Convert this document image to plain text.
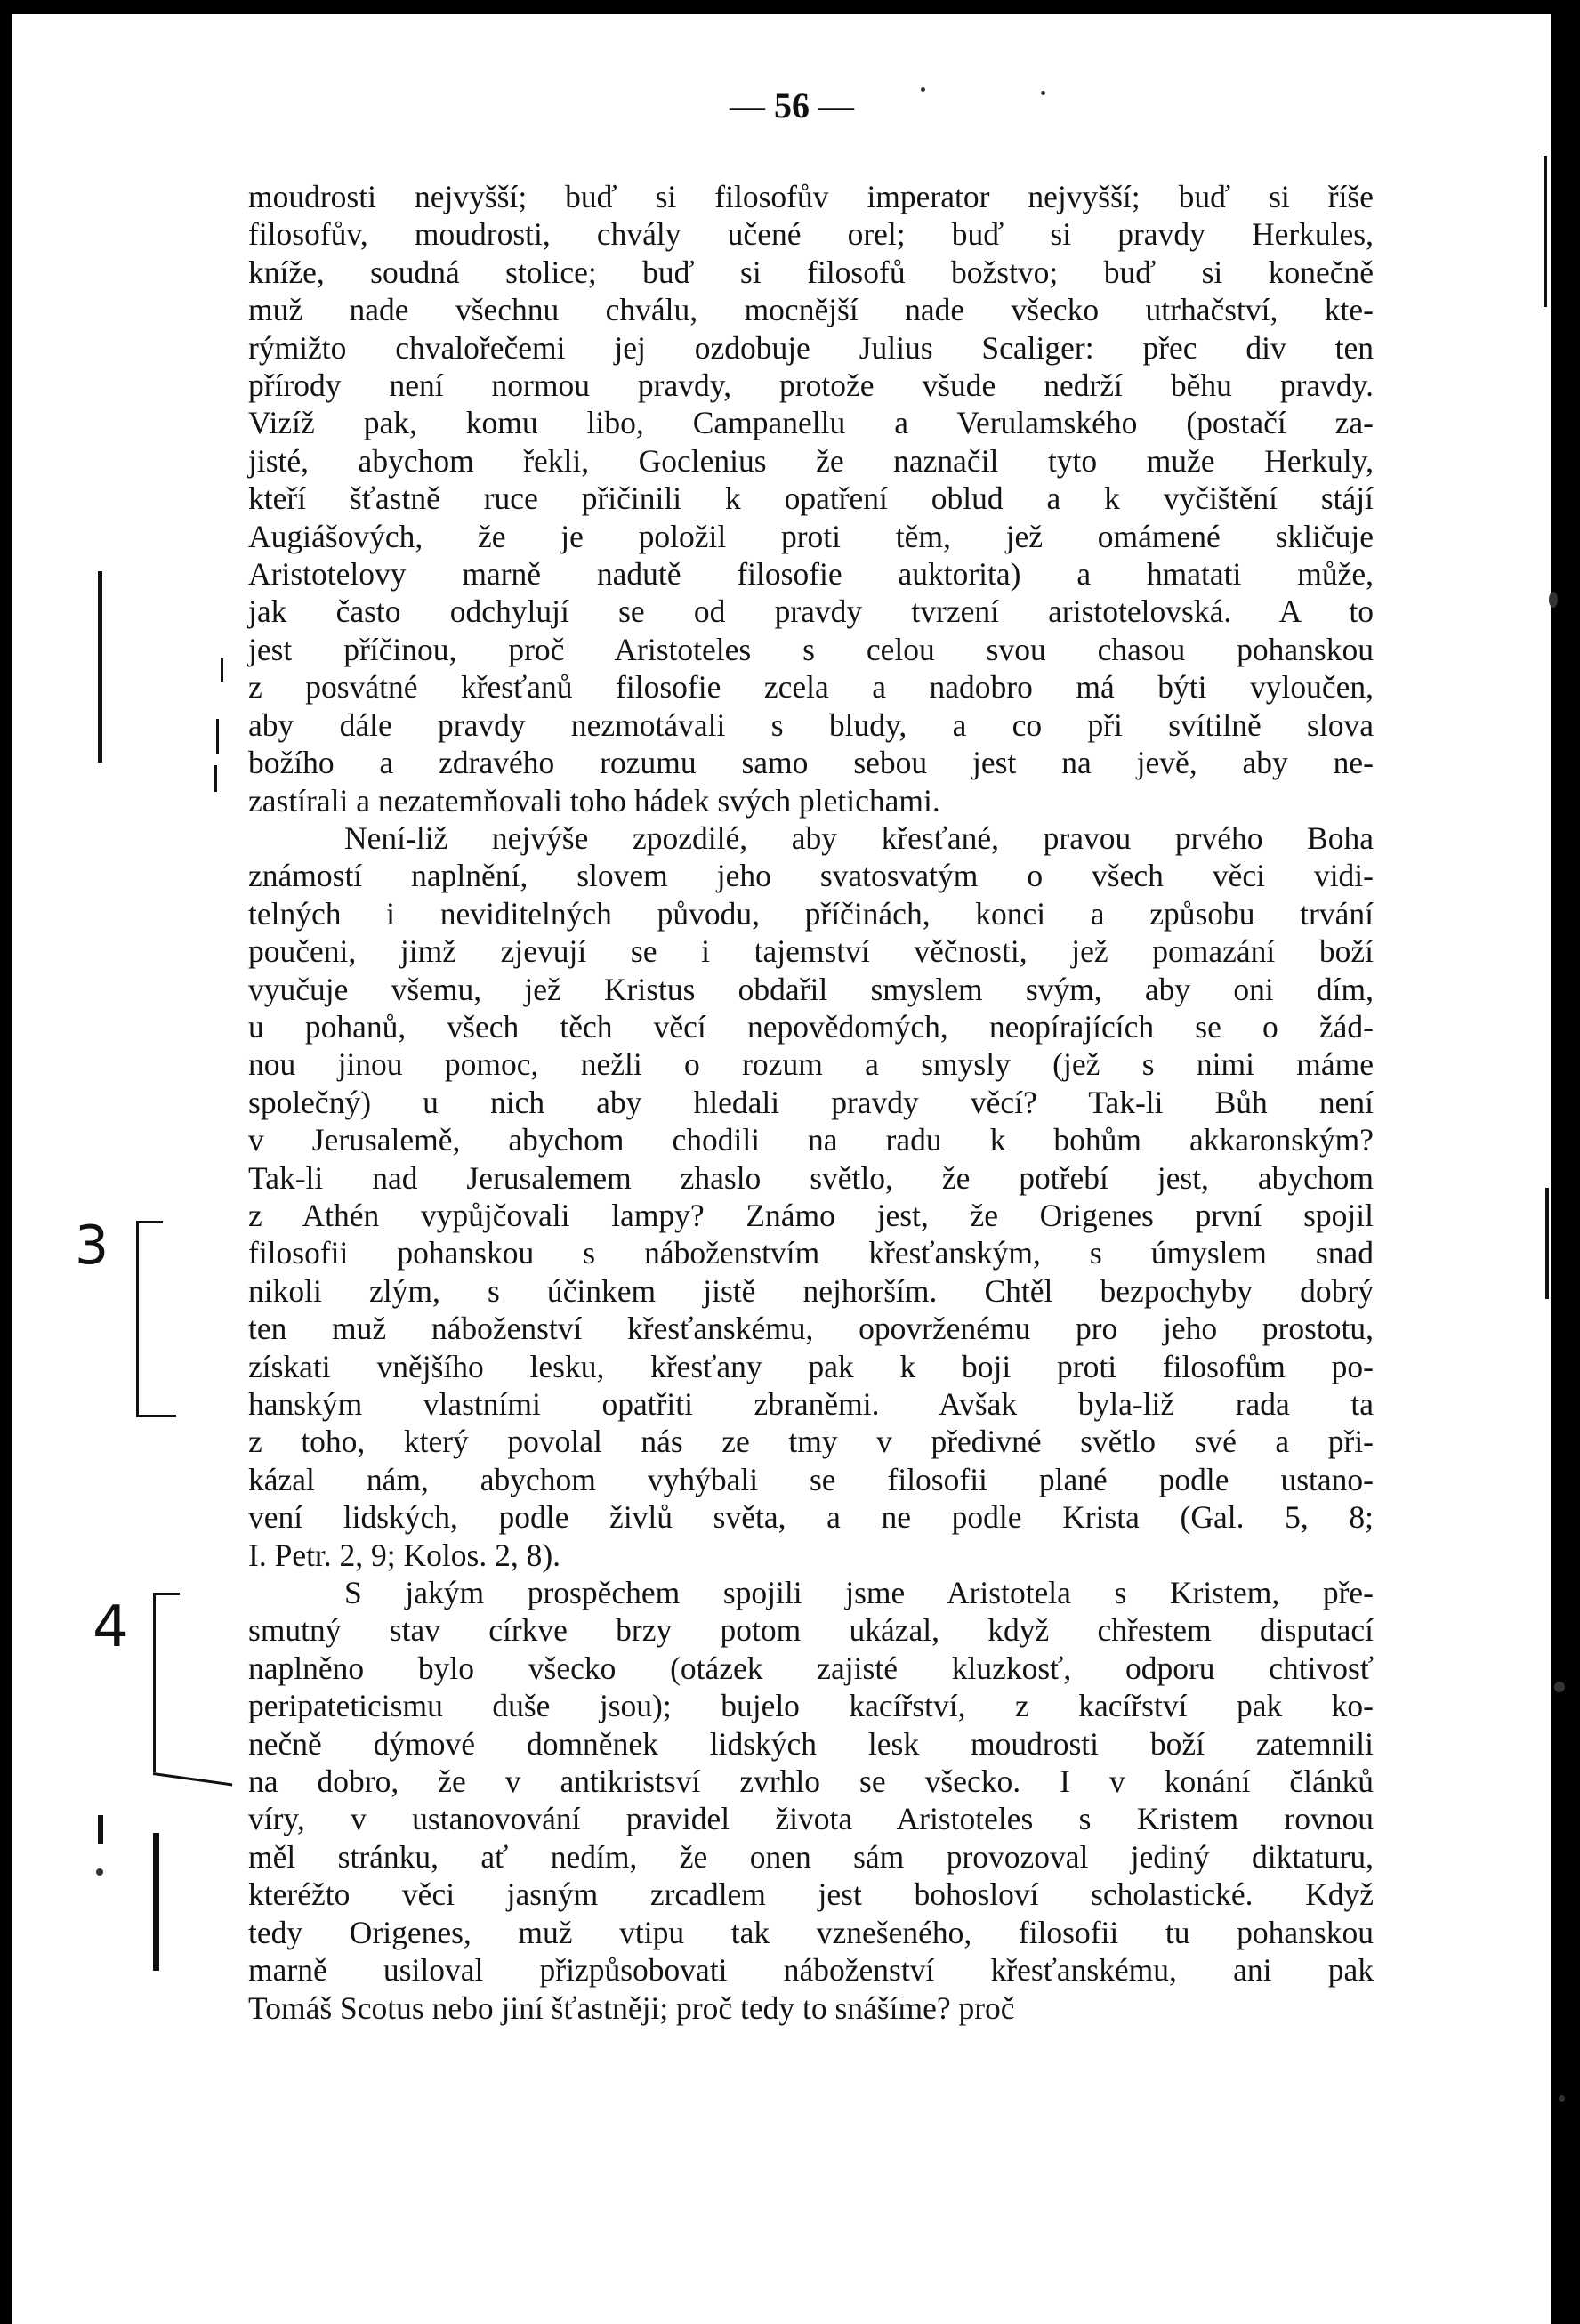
— 56 —
moudrosti nejvyšší; buď si filosofův imperator nejvyšší; buď si říše
filosofův, moudrosti, chvály učené orel; buď si pravdy Herkules,
kníže, soudná stolice; buď si filosofů božstvo; buď si konečně
muž nade všechnu chválu, mocnější nade všecko utrhačství, kte-
rýmižto chvalořečemi jej ozdobuje Julius Scaliger: přec div ten
přírody není normou pravdy, protože všude nedrží běhu pravdy.
Vizíž pak, komu libo, Campanellu a Verulamského (postačí za-
jisté, abychom řekli, Goclenius že naznačil tyto muže Herkuly,
kteří šťastně ruce přičinili k opatření oblud a k vyčištění stájí
Augiášových, že je položil proti těm, jež omámené skličuje
Aristotelovy marně nadutě filosofie auktorita) a hmatati může,
jak často odchylují se od pravdy tvrzení aristotelovská. A to
jest příčinou, proč Aristoteles s celou svou chasou pohanskou
z posvátné křesťanů filosofie zcela a nadobro má býti vyloučen,
aby dále pravdy nezmotávali s bludy, a co při svítilně slova
božího a zdravého rozumu samo sebou jest na jevě, aby ne-
zastírali a nezatemňovali toho hádek svých pletichami.
Není-liž nejvýše zpozdilé, aby křesťané, pravou prvého Boha
známostí naplnění, slovem jeho svatosvatým o všech věci vidi-
telných i neviditelných původu, příčinách, konci a způsobu trvání
poučeni, jimž zjevují se i tajemství věčnosti, jež pomazání boží
vyučuje všemu, jež Kristus obdařil smyslem svým, aby oni dím,
u pohanů, všech těch věcí nepovědomých, neopírajících se o žád-
nou jinou pomoc, nežli o rozum a smysly (jež s nimi máme
společný) u nich aby hledali pravdy věcí? Tak-li Bůh není
v Jerusalemě, abychom chodili na radu k bohům akkaronským?
Tak-li nad Jerusalemem zhaslo světlo, že potřebí jest, abychom
z Athén vypůjčovali lampy? Známo jest, že Origenes první spojil
filosofii pohanskou s náboženstvím křesťanským, s úmyslem snad
nikoli zlým, s účinkem jistě nejhorším. Chtěl bezpochyby dobrý
ten muž náboženství křesťanskému, opovrženému pro jeho prostotu,
získati vnějšího lesku, křesťany pak k boji proti filosofům po-
hanským vlastními opatřiti zbraněmi. Avšak byla-liž rada ta
z toho, který povolal nás ze tmy v předivné světlo své a při-
kázal nám, abychom vyhýbali se filosofii plané podle ustano-
vení lidských, podle živlů světa, a ne podle Krista (Gal. 5, 8;
I. Petr. 2, 9; Kolos. 2, 8).
S jakým prospěchem spojili jsme Aristotela s Kristem, pře-
smutný stav církve brzy potom ukázal, když chřestem disputací
naplněno bylo všecko (otázek zajisté kluzkosť, odporu chtivosť
peripateticismu duše jsou); bujelo kacířství, z kacířství pak ko-
nečně dýmové domněnek lidských lesk moudrosti boží zatemnili
na dobro, že v antikristsví zvrhlo se všecko. I v konání článků
víry, v ustanovování pravidel života Aristoteles s Kristem rovnou
měl stránku, ať nedím, že onen sám provozoval jediný diktaturu,
kteréžto věci jasným zrcadlem jest bohosloví scholastické. Když
tedy Origenes, muž vtipu tak vznešeného, filosofii tu pohanskou
marně usiloval přizpůsobovati náboženství křesťanskému, ani pak
Tomáš Scotus nebo jiní šťastněji; proč tedy to snášíme? proč
3
4
